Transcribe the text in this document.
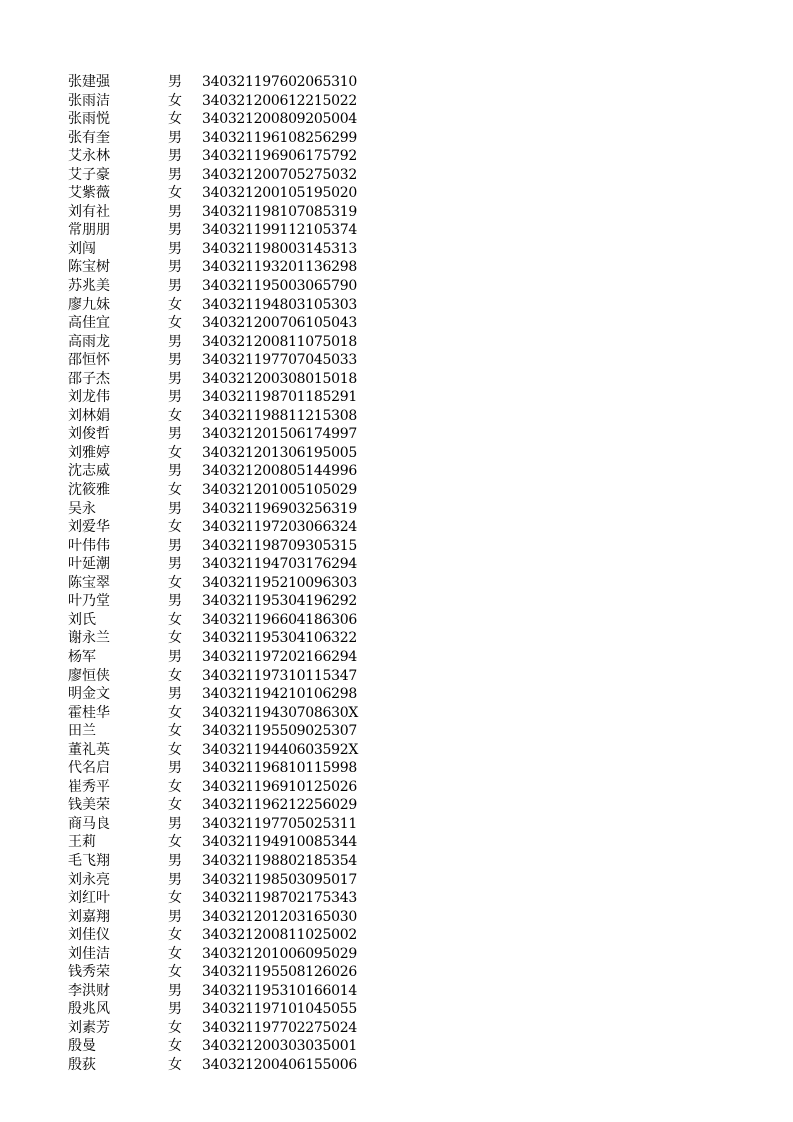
张建强	男	340321197602065310
张雨洁	女	340321200612215022
张雨悦	女	340321200809205004
张有奎	男	340321196108256299
艾永林	男	340321196906175792
艾子豪	男	340321200705275032
艾紫薇	女	340321200105195020
刘有社	男	340321198107085319
常朋朋	男	340321199112105374
刘闯	男	340321198003145313
陈宝树	男	340321193201136298
苏兆美	男	340321195003065790
廖九妹	女	340321194803105303
高佳宜	女	340321200706105043
高雨龙	男	340321200811075018
邵恒怀	男	340321197707045033
邵子杰	男	340321200308015018
刘龙伟	男	340321198701185291
刘林娟	女	340321198811215308
刘俊哲	男	340321201506174997
刘雅婷	女	340321201306195005
沈志威	男	340321200805144996
沈筱雅	女	340321201005105029
吴永	男	340321196903256319
刘爱华	女	340321197203066324
叶伟伟	男	340321198709305315
叶延潮	男	340321194703176294
陈宝翠	女	340321195210096303
叶乃堂	男	340321195304196292
刘氏	女	340321196604186306
谢永兰	女	340321195304106322
杨军	男	340321197202166294
廖恒侠	女	340321197310115347
明金文	男	340321194210106298
霍桂华	女	34032119430708630X
田兰	女	340321195509025307
董礼英	女	34032119440603592X
代名启	男	340321196810115998
崔秀平	女	340321196910125026
钱美荣	女	340321196212256029
商马良	男	340321197705025311
王莉	女	340321194910085344
毛飞翔	男	340321198802185354
刘永亮	男	340321198503095017
刘红叶	女	340321198702175343
刘嘉翔	男	340321201203165030
刘佳仪	女	340321200811025002
刘佳洁	女	340321201006095029
钱秀荣	女	340321195508126026
李洪财	男	340321195310166014
殷兆风	男	340321197101045055
刘素芳	女	340321197702275024
殷曼	女	340321200303035001
殷荻	女	340321200406155006
